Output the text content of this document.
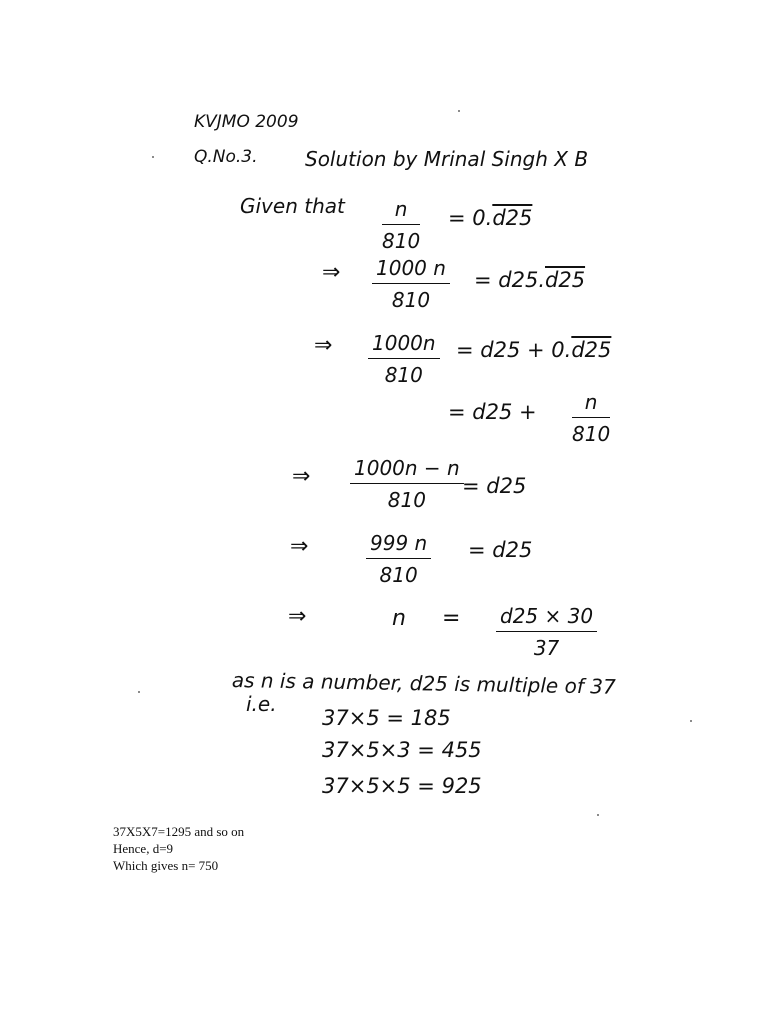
KVJMO 2009
Q.No.3. Solution by Mrinal Singh X B
Given that $\frac{n}{810} = 0.d25$
⇒ $\frac{1000 n}{810} = d25.d25$
⇒ $\frac{1000n}{810} = d25 + 0.d25$
= $d25 + \frac{n}{810}$
⇒ $\frac{1000n - n}{810}$
= d25
⇒	$\frac{999 n}{810} = d25$
⇒	$n = \frac{d25 \times 30}{37}$
as n is a number, d25 is multiple of 37
i.e.
37×5 = 185
37×5×3 = 455
37×5×5 = 925
37X5X7=1295 and so on
Hence, d=9
Which gives n= 750
